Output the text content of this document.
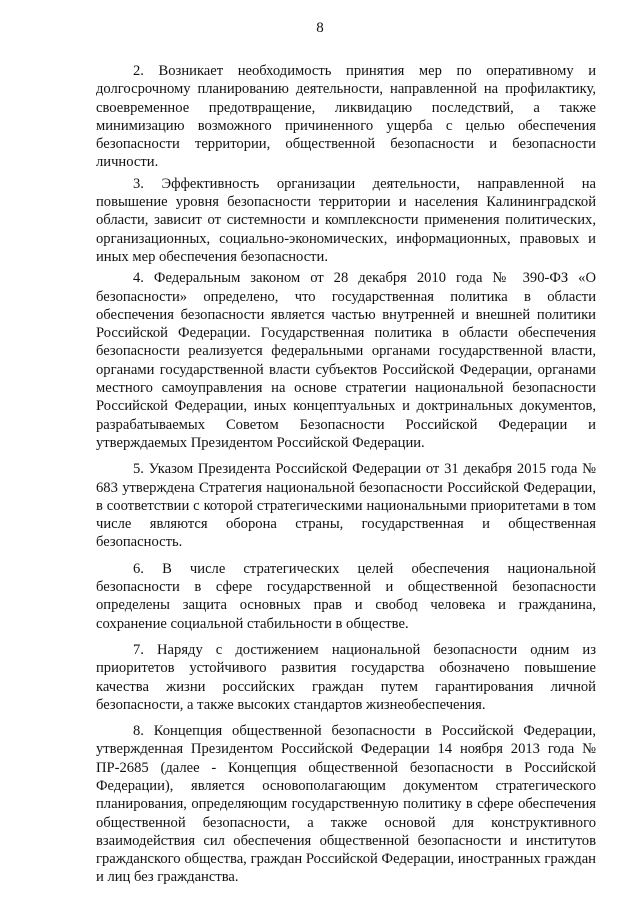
8

2. Возникает необходимость принятия мер по оперативному и долгосрочному планированию деятельности, направленной на профилактику, своевременное предотвращение, ликвидацию последствий, а также минимизацию возможного причиненного ущерба с целью обеспечения безопасности территории, общественной безопасности и безопасности личности.

3. Эффективность организации деятельности, направленной на повышение уровня безопасности территории и населения Калининградской области, зависит от системности и комплексности применения политических, организационных, социально-экономических, информационных, правовых и иных мер обеспечения безопасности.

4. Федеральным законом от 28 декабря 2010 года № 390-ФЗ «О безопасности» определено, что государственная политика в области обеспечения безопасности является частью внутренней и внешней политики Российской Федерации. Государственная политика в области обеспечения безопасности реализуется федеральными органами государственной власти, органами государственной власти субъектов Российской Федерации, органами местного самоуправления на основе стратегии национальной безопасности Российской Федерации, иных концептуальных и доктринальных документов, разрабатываемых Советом Безопасности Российской Федерации и утверждаемых Президентом Российской Федерации.

5. Указом Президента Российской Федерации от 31 декабря 2015 года № 683 утверждена Стратегия национальной безопасности Российской Федерации, в соответствии с которой стратегическими национальными приоритетами в том числе являются оборона страны, государственная и общественная безопасность.

6. В числе стратегических целей обеспечения национальной безопасности в сфере государственной и общественной безопасности определены защита основных прав и свобод человека и гражданина, сохранение социальной стабильности в обществе.

7. Наряду с достижением национальной безопасности одним из приоритетов устойчивого развития государства обозначено повышение качества жизни российских граждан путем гарантирования личной безопасности, а также высоких стандартов жизнеобеспечения.

8. Концепция общественной безопасности в Российской Федерации, утвержденная Президентом Российской Федерации 14 ноября 2013 года № ПР-2685 (далее - Концепция общественной безопасности в Российской Федерации), является основополагающим документом стратегического планирования, определяющим государственную политику в сфере обеспечения общественной безопасности, а также основой для конструктивного взаимодействия сил обеспечения общественной безопасности и институтов гражданского общества, граждан Российской Федерации, иностранных граждан и лиц без гражданства.
